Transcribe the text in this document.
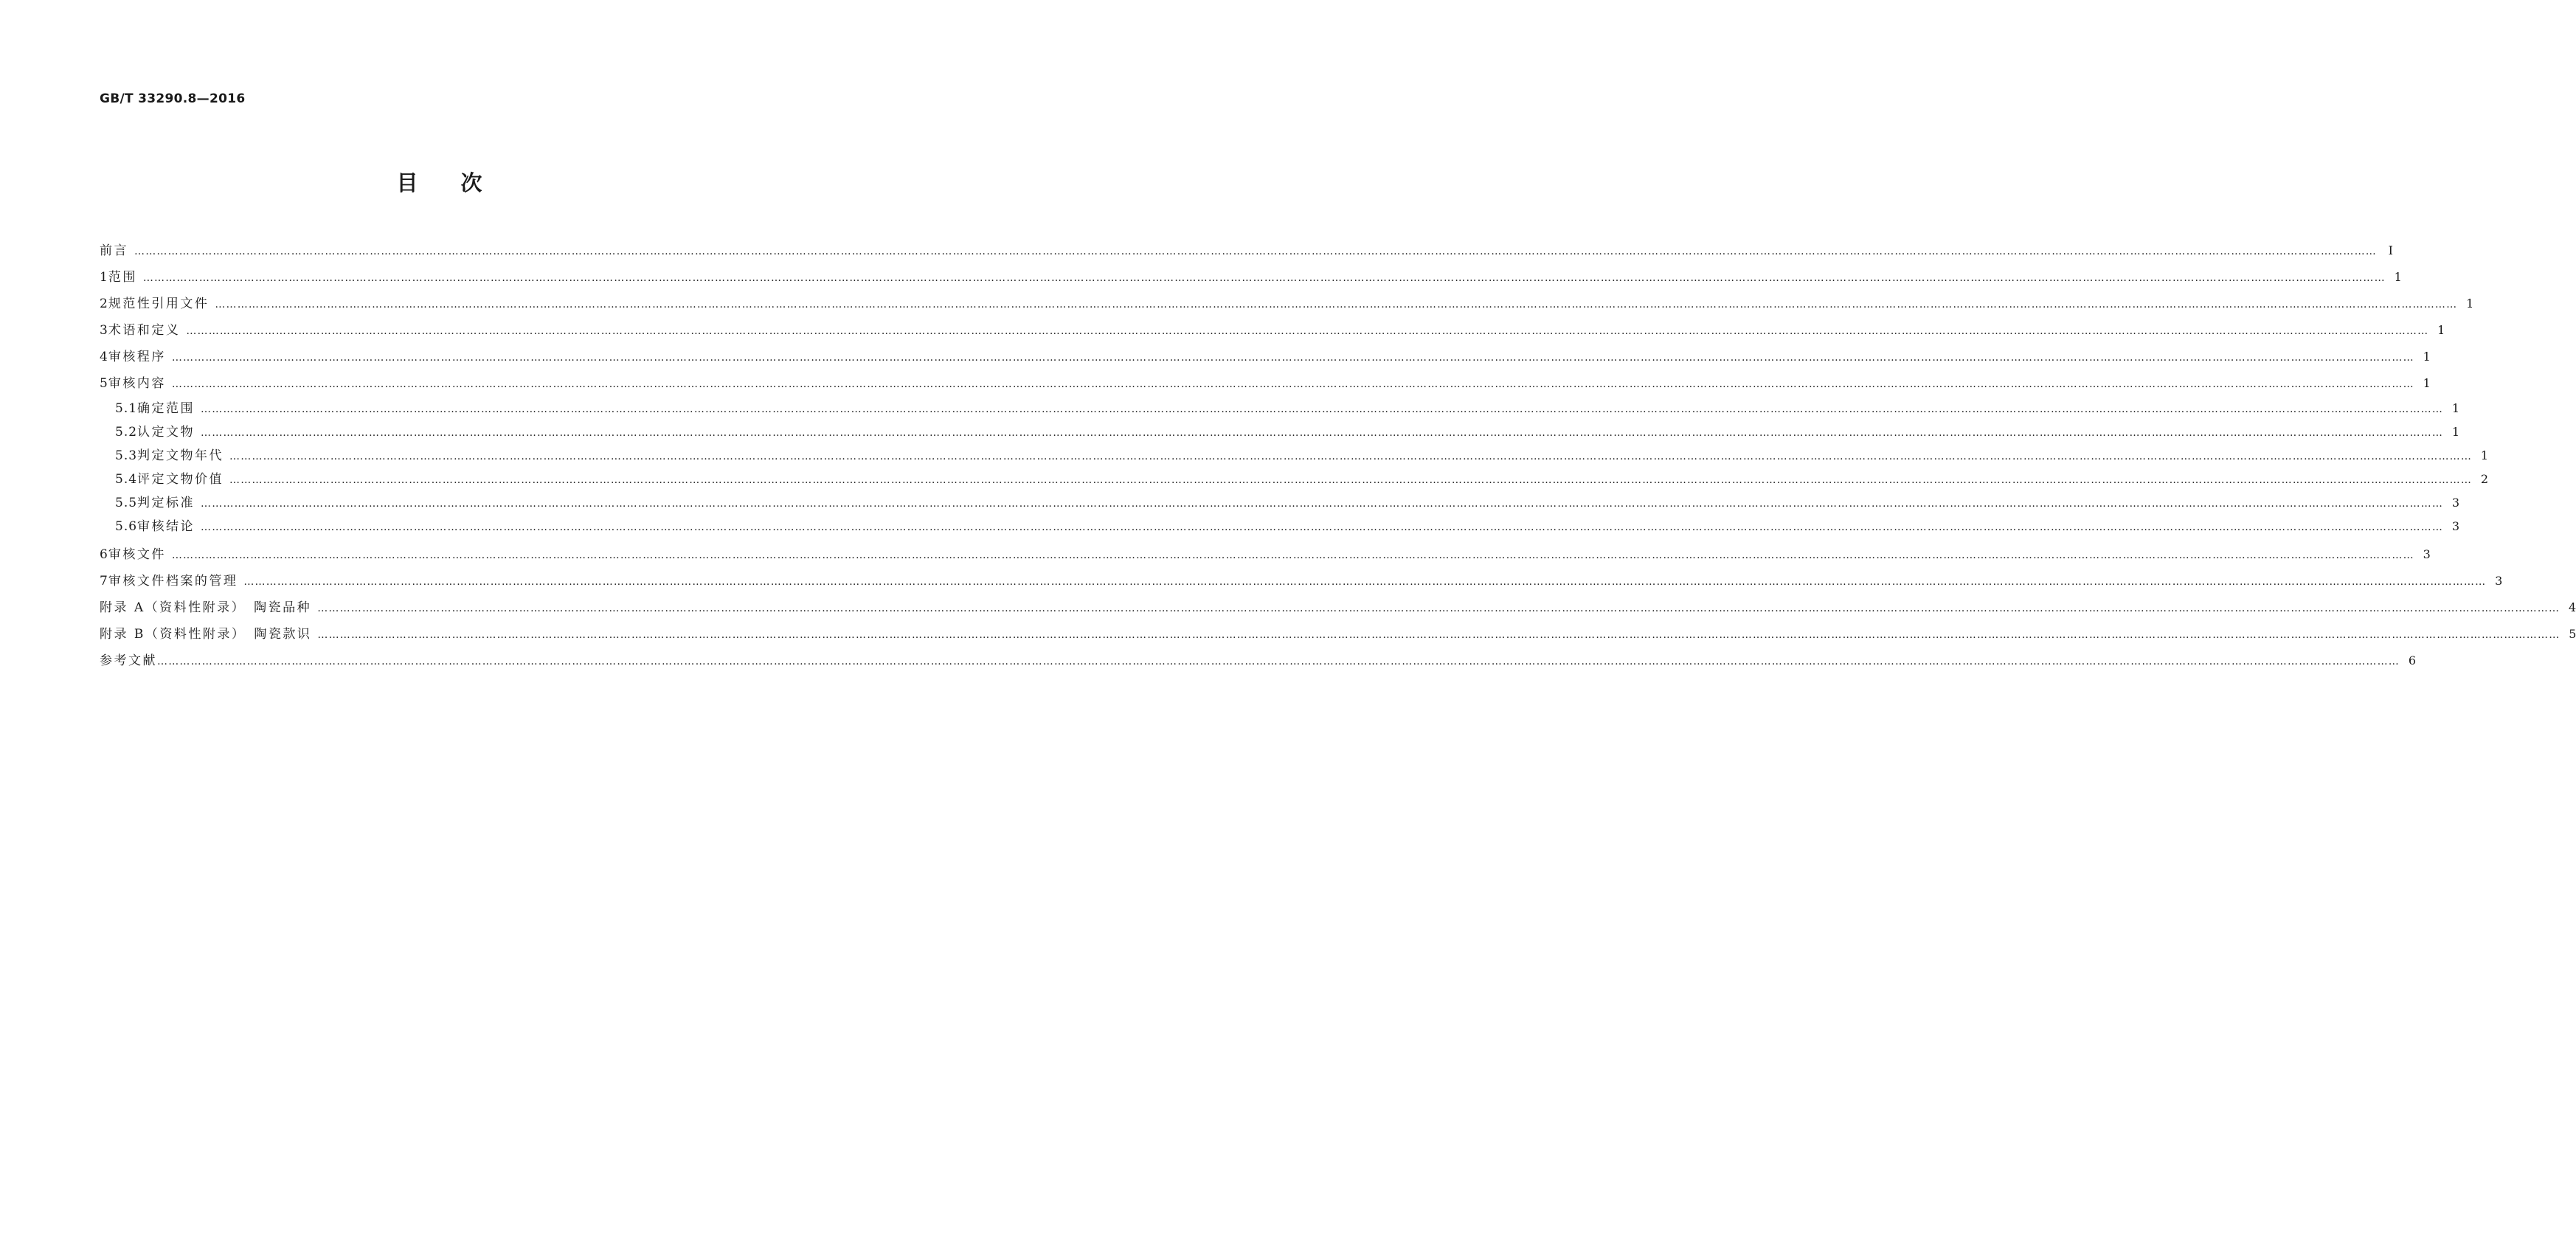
GB/T 33290.8—2016
目次
前言 …………………………………………………………………………………………………………………………………………………………………………………………………………………………………………………………………………………………………………………………………………………………………………………………………………………………………………………………………………………………………………………………………………………… Ⅰ
1 范围 …………………………………………………………………………………………………………………………………………………………………………………………………………………………………………………………………………………………………………………………………………………………………………………………………………………………………………………………………………………………………………………………………………………… 1
2 规范性引用文件 …………………………………………………………………………………………………………………………………………………………………………………………………………………………………………………………………………………………………………………………………………………………………………………………………………………………………………………………………………………………………………………………………………………… 1
3 术语和定义 …………………………………………………………………………………………………………………………………………………………………………………………………………………………………………………………………………………………………………………………………………………………………………………………………………………………………………………………………………………………………………………………………………………… 1
4 审核程序 …………………………………………………………………………………………………………………………………………………………………………………………………………………………………………………………………………………………………………………………………………………………………………………………………………………………………………………………………………………………………………………………………………………… 1
5 审核内容 …………………………………………………………………………………………………………………………………………………………………………………………………………………………………………………………………………………………………………………………………………………………………………………………………………………………………………………………………………………………………………………………………………………… 1
5.1 确定范围 …………………………………………………………………………………………………………………………………………………………………………………………………………………………………………………………………………………………………………………………………………………………………………………………………………………………………………………………………………………………………………………………………………………… 1
5.2 认定文物 …………………………………………………………………………………………………………………………………………………………………………………………………………………………………………………………………………………………………………………………………………………………………………………………………………………………………………………………………………………………………………………………………………………… 1
5.3 判定文物年代 …………………………………………………………………………………………………………………………………………………………………………………………………………………………………………………………………………………………………………………………………………………………………………………………………………………………………………………………………………………………………………………………………………………… 1
5.4 评定文物价值 …………………………………………………………………………………………………………………………………………………………………………………………………………………………………………………………………………………………………………………………………………………………………………………………………………………………………………………………………………………………………………………………………………………… 2
5.5 判定标准 …………………………………………………………………………………………………………………………………………………………………………………………………………………………………………………………………………………………………………………………………………………………………………………………………………………………………………………………………………………………………………………………………………………… 3
5.6 审核结论 …………………………………………………………………………………………………………………………………………………………………………………………………………………………………………………………………………………………………………………………………………………………………………………………………………………………………………………………………………………………………………………………………………………… 3
6 审核文件 …………………………………………………………………………………………………………………………………………………………………………………………………………………………………………………………………………………………………………………………………………………………………………………………………………………………………………………………………………………………………………………………………………………… 3
7 审核文件档案的管理 …………………………………………………………………………………………………………………………………………………………………………………………………………………………………………………………………………………………………………………………………………………………………………………………………………………………………………………………………………………………………………………………………………………… 3
附录 A（资料性附录）　陶瓷品种 …………………………………………………………………………………………………………………………………………………………………………………………………………………………………………………………………………………………………………………………………………………………………………………………………………………………………………………………………………………………………………………………………………………… 4
附录 B（资料性附录）　陶瓷款识 …………………………………………………………………………………………………………………………………………………………………………………………………………………………………………………………………………………………………………………………………………………………………………………………………………………………………………………………………………………………………………………………………………………… 5
参考文献 …………………………………………………………………………………………………………………………………………………………………………………………………………………………………………………………………………………………………………………………………………………………………………………………………………………………………………………………………………………………………………………………………………………… 6
